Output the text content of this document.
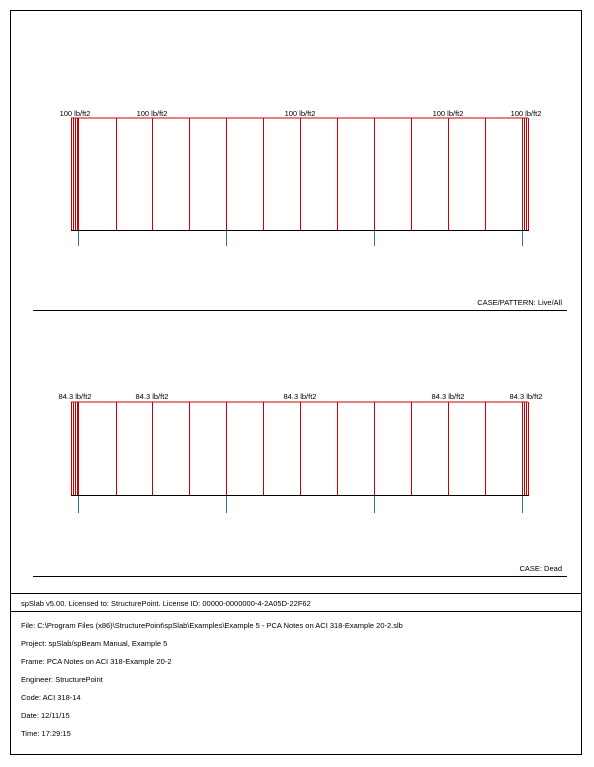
100 lb/ft2	100 lb/ft2	100 lb/ft2	100 lb/ft2	100 lb/ft2
CASE/PATTERN: Live/All
84.3 lb/ft2	84.3 lb/ft2	84.3 lb/ft2	84.3 lb/ft2	84.3 lb/ft2
CASE: Dead
spSlab v5.00. Licensed to: StructurePoint. License ID: 00000-0000000-4-2A05D-22F62
File: C:\Program Files (x86)\StructurePoint\spSlab\Examples\Example 5 - PCA Notes on ACI 318-Example 20-2.slb
Project: spSlab/spBeam Manual, Example 5
Frame: PCA Notes on ACI 318-Example 20-2
Engineer: StructurePoint
Code: ACI 318-14
Date: 12/11/15
Time: 17:29:15
